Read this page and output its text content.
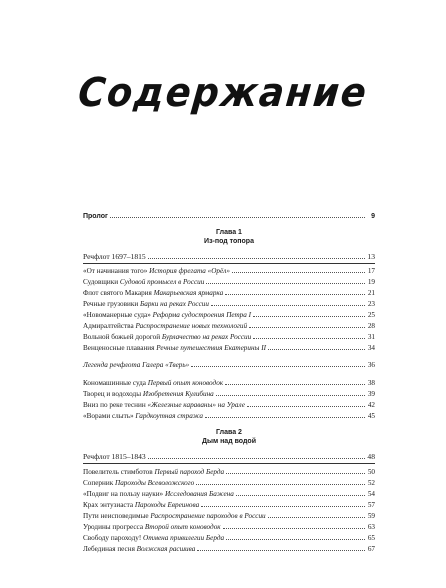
Содержание
Пролог	9
Глава 1
Из-под топора
Речфлот 1697–1815	13
«От начинания того» История фрегата «Орёл»	17
Судовщики Судовой промысел в России	19
Флот святого Макария Макарьевская ярмарка	21
Речные грузовики Барки на реках России	23
«Новоманерные суда» Реформа судостроения Петра I	25
Адмиралтейства Распространение новых технологий	28
Вольной божьей дорогой Бурлачество на реках России	31
Венценосные плавания Речные путешествия Екатерины II	34
Легенда речфлота Галера «Тверь»	36
Кономашинные суда Первый опыт коноводок	38
Творец и водоходы Изобретения Кулибина	39
Вниз по реке теснин «Железные караваны» на Урале	42
«Ворами слыть» Гардкоутная стража	45
Глава 2
Дым над водой
Речфлот 1815–1843	48
Повелитель стимботов Первый пароход Берда	50
Соперник Пароходы Всеволожского	52
«Подвиг на пользу науки» Исследования Бажена	54
Крах энтузиаста Пароходы Евреинова	57
Пути неисповедимые Распространение пароходов в России	59
Уродины прогресса Второй опыт коноводок	63
Свободу пароходу! Отмена привилегии Берда	65
Лебединая песня Волжская расшива	67
